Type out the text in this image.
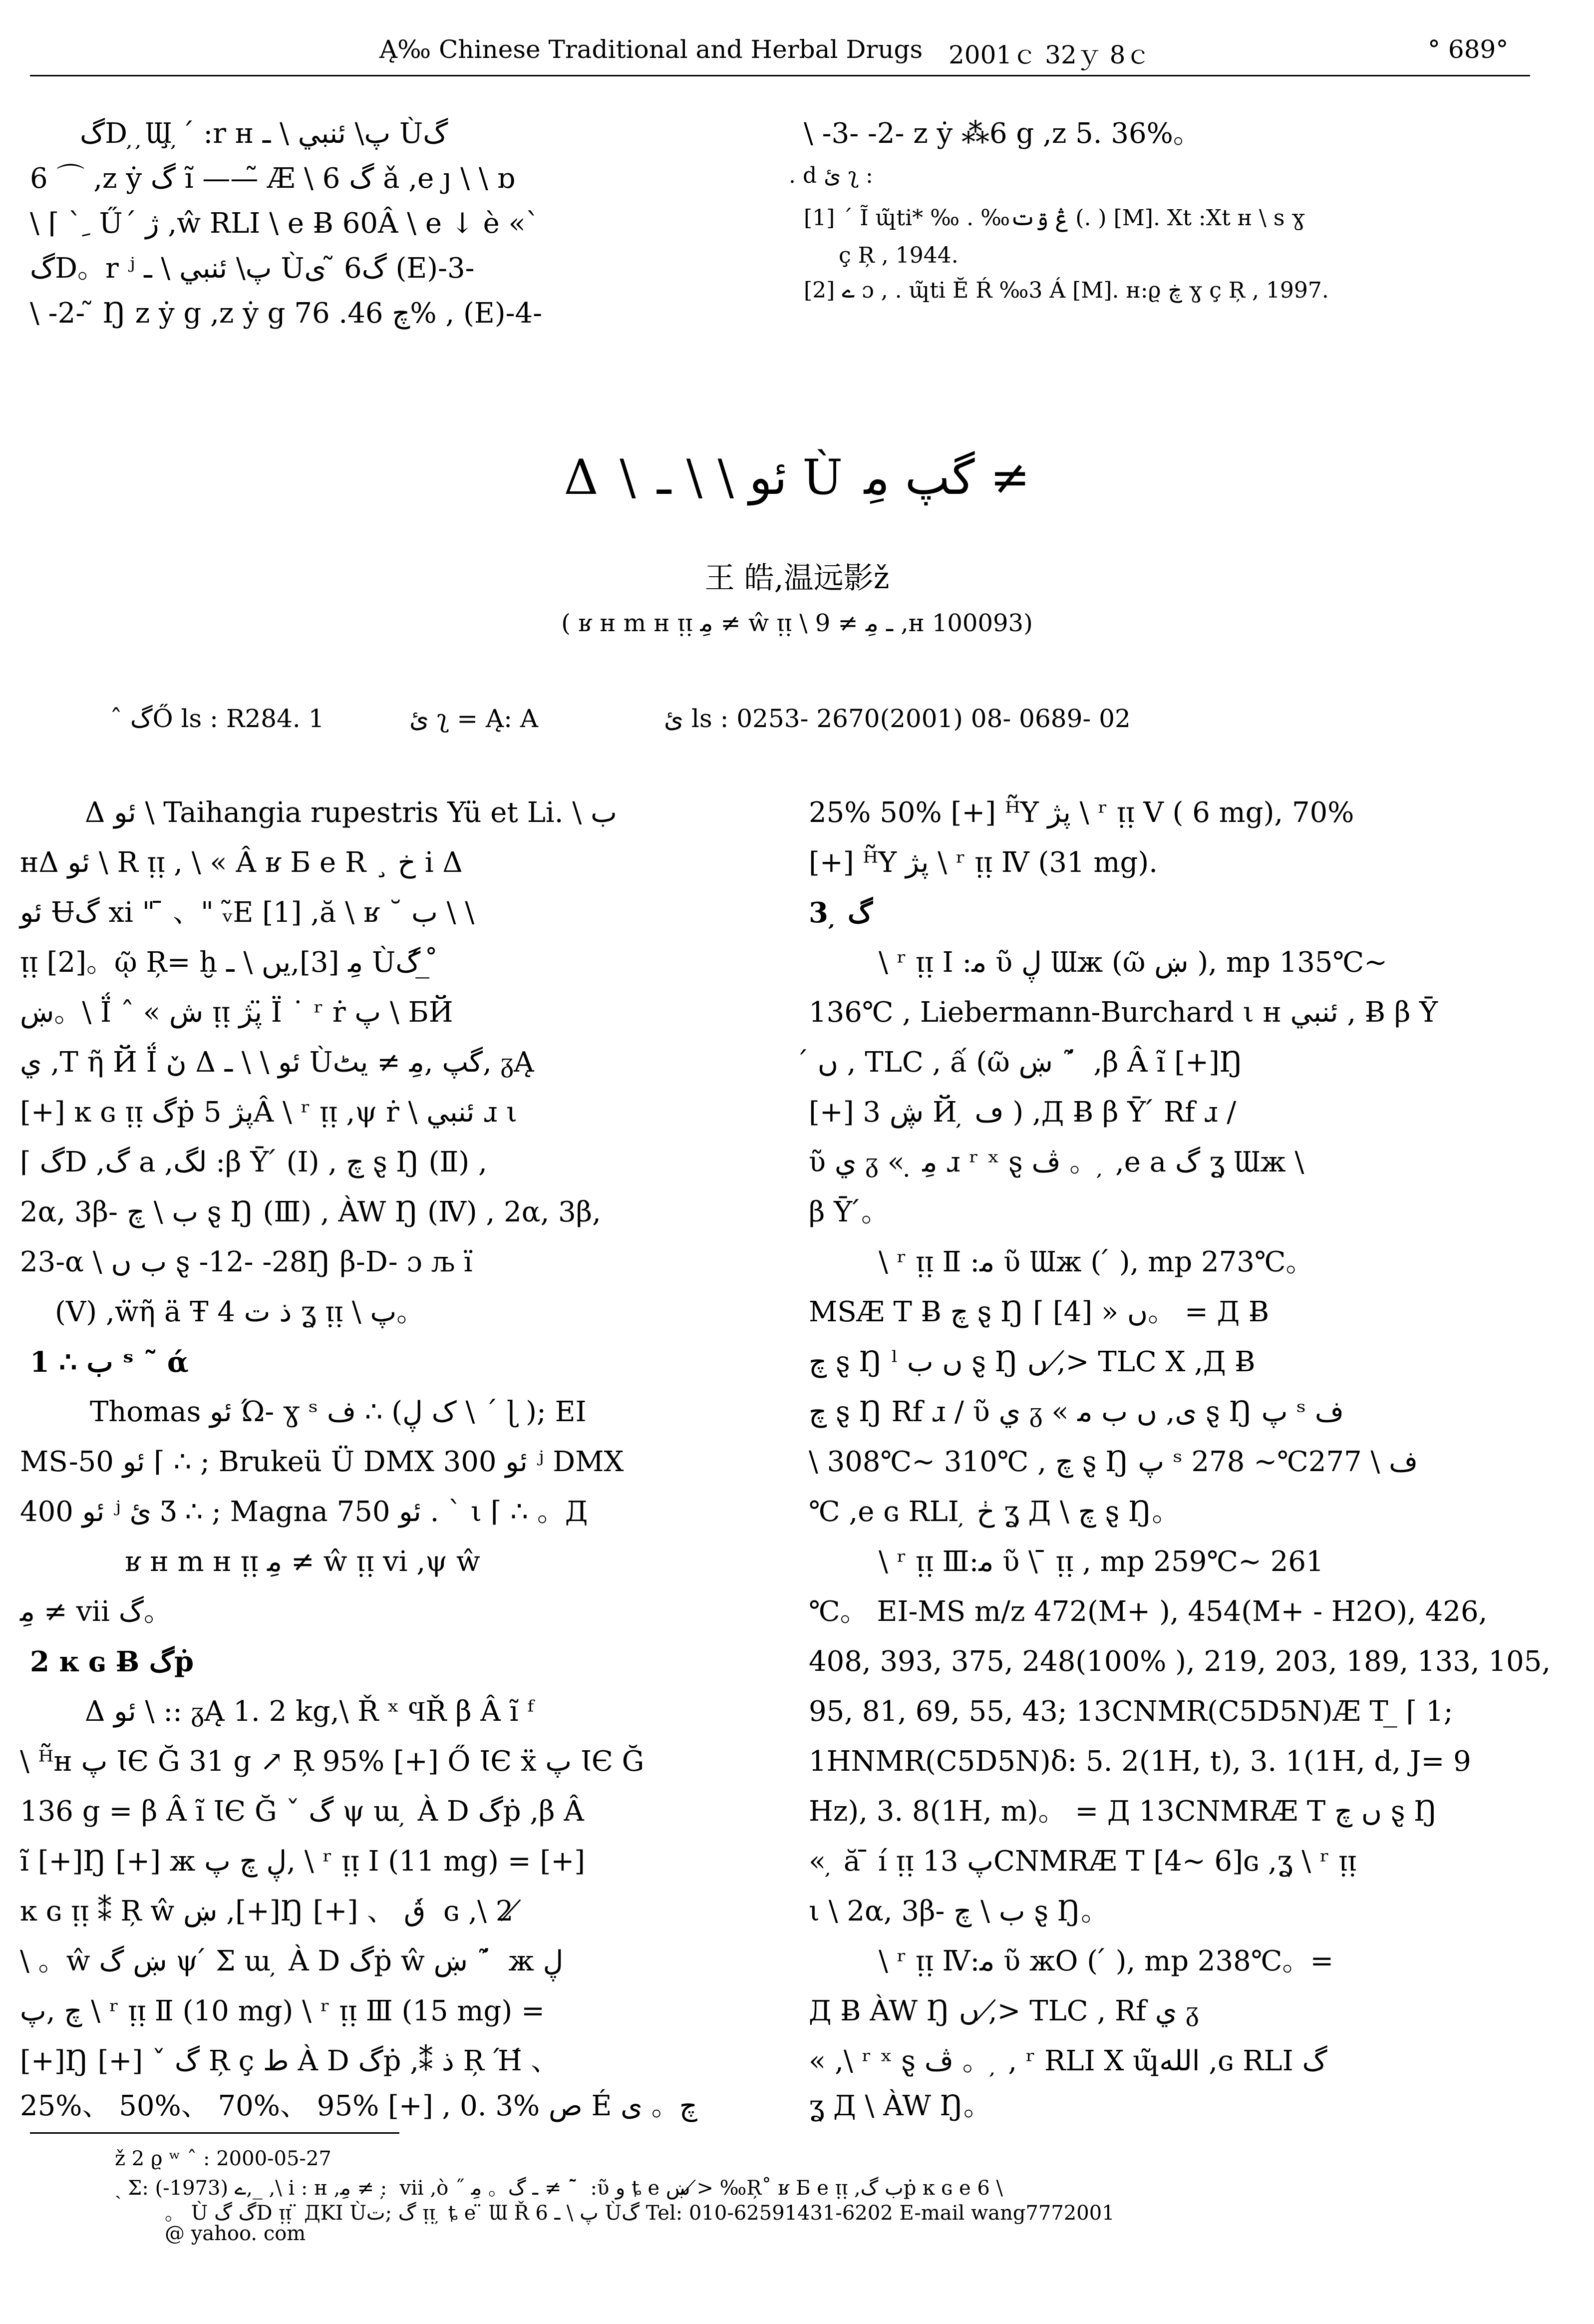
Ą‰ Chinese Traditional and Herbal Drugs 2001ｃ 32ｙ 8ｃ	° 689°
گD ̦ ̦Ɯ̧ ̦´ :r ʜ پ\ ئنبي \ ـ Ùگ
6 ⌒ ,z ẏ گ ĩ ——̃ Æ \ گ 6 ǎ ,e ȷ \ \ ɒ
\ ⌈ ` ِ Ű´ ژ ,ŵ RLI \ e Ƀ 60Â \ e ↓ è «`
گD。r ʲ پ\ ئنبي \ ـ Ùگ6 ̃ ی (E)-3-
\ -2- ̃ Ŋ z ẏ g ,z ẏ g چ 46. 76% , (E)-4-
\ -3- -2- z ẏ ⁂6 g ,z 5. 36%。
. d ئ ʅ :
[1] ´ Ĩ ɰ̃ti* ‰ . ‰ڠ ۊت (. ) [M]. Xt :Xt ʜ \ s ɣ
ç Ŗ , 1944.
[2] ے ɔ , . ɰ̃ti Ĕ Ŕ ‰3 Á [M]. ʜ:ϱ ڿ ɣ ç Ŗ , 1997.
Δ \ ئو \ \ ـ Ù گپ ﻣِ ≠
王 皓,温远影ž
( ʁ ʜ m ʜ ᴉᴉ ﻣِ ≠ ŵ ᴉᴉ \ ـ ﻣِ ≠ 9 ,ʜ 100093)
ˆ گŐ ls : R284. 1	ئ ʅ = Ą: A	ئ ls : 0253- 2670(2001) 08- 0689- 02
Δ ئو \ Taihangia rupestris Yü et Li. \ ب
ʜΔ ئو \ R ᴉᴉ , \ « Â ʁ Б e R ¸ خ i Δ
ئو Ʉگ xi " ̄ 、" ᵥ̃E [1] ,ă \ ʁ ˘ ب \ \
ᴉᴉ [2]。ῷ Ŗ= ḫ ﻣِ [3],یں \ ـ Ùگ ́ ̲ ̊
ښ。\ Ḯ ˆ « ش ᴉᴉ پژ ̈Ï ˙ ʳ ṙ پ \ ƂЙ
ي ,T ῆ Й Ḯ ںٚ Δ ئو \ \ ـ Ùگپ ,ﻣِ ≠ یٹ, ᵹĄ
[+] ĸ ɢ ᴉᴉ گṗ پژ 5Â \ ʳ ᴉᴉ ,ψ ṙ \ ئنبي ɹ ι
⌈ گD ,گ a ,لگ :β Ȳ ́ (Ⅰ) , چ ȿ Ŋ (Ⅱ) ,
2α, 3β- ب \ چ ȿ Ŋ (Ⅲ) , ÀW Ŋ (Ⅳ) , 2α, 3β,
23-α \ ب ں ȿ -12- -28Ŋ β-D- ɔ љ ï
(Ⅴ) ,ẅῆ ä Ŧ 4 ذ ت ʓ ᴉᴉ \ پ。
1 ∴ ب ˢ ˜ ά
Thomas ئو Ώ- ɣ ˢ ف ∴ (ک ڸ \ ´ ɭ ); EI
MS-50 ئو ⌈ ∴ ; Brukeü Ü DMX 300 ئو ʲ DMX
400 ئو ʲ ئ Ʒ ∴ ; Magna 750 ئو . ` ι ⌈ ∴ 。Д
ʁ ʜ m ʜ ᴉᴉ ﻣِ ≠ ŵ ᴉᴉ vi ,ψ ŵ
ﻣِ ≠ vii گ。
2 ĸ ɢ Ƀ گṗ
Δ ئو \ :: ᵹĄ 1. 2 kg,\ Ř ˣ ϤŘ β Â ĩ ᶠ
\ ᴴ̃ʜ پ ƖЄ Ğ 31 g ↗ Ŗ 95% [+] Ő ƖЄ ẍ پ ƖЄ Ğ
136 g = β Â ĩ ƖЄ Ğ ˇ گ ψ ɯ ̦ À D گṗ ,β Â
ĩ [+]Ŋ [+] ж ڸ چ پ, \ ʳ ᴉᴉ Ⅰ (11 mg) = [+]
ĸ ɢ ᴉᴉ ⁑ Ŗ ŵ ښ ,[+]Ŋ [+] 、 ڨ ́ ɢ ,\ 2 ̸
\ 。ŵ ښ گ ψ ́ Σ ɯ ̦ À D گṗ ŵ ښ ˜ ́ ж ڸ
چ ,پ \ ʳ ᴉᴉ Ⅱ (10 mg) \ ʳ ᴉᴉ Ⅲ (15 mg) =
[+]Ŋ [+] ˇ گ Ŗ ç ط À D گṗ ,⁑ ذ Ŗ Ή́ 、
25%、 50%、 70%、 95% [+] , 0. 3% ص É چ。 ی
25% 50% [+] ᴴ̃Y پژ \ ʳ ᴉᴉ Ⅴ ( 6 mg), 70%
[+] ᴴ̃Y پژ \ ʳ ᴉᴉ Ⅳ (31 mg).
3 ̦ گ
\ ʳ ᴉᴉ Ⅰ :ﻣ ῦ ڸ Ɯж (ῶ ښ ), mp 135℃~
136℃ , Liebermann-Burchard ι ʜ ئنبي , Ƀ β Ȳ
́ ں , TLC , ấ (ῶ ښ ˜ ́ ,β Â ĩ [+]Ŋ
[+] ڜ 3 Й ̦ ڡ ) ,Д Ƀ β Ȳ ́ Rf ɹ /
ῦ ي ᵹ « ̣ ﻣِ ɹ ʳ ˣ ȿ ڤ 。 ̦ ,e a گ ʓ Ɯж \
β Ȳ ́。
\ ʳ ᴉᴉ Ⅱ :ﻣ ῦ Ɯж ( ́ ), mp 273℃。
MSÆ T Ƀ چ ȿ Ŋ ⌈ ں « [4]。 = Д Ƀ
چ ȿ Ŋ ˡ ں ب ȿ Ŋ ں ,≯ TLC X ,Д Ƀ
چ ȿ Ŋ Rf ɹ / ῦ ي ᵹ « ی, ں ب ﻣ ȿ Ŋ پ ˢ ف
\ 308℃~ 310℃ , چ ȿ Ŋ پ ˢ ف \ 277℃~ 278
℃ ,e ɢ RLI ̦ ڂ ʓ Д \ چ ȿ Ŋ。
\ ʳ ᴉᴉ Ⅲ:ﻣ ῦ \ ̄ ᴉᴉ , mp 259℃~ 261
℃。 EI-MS m/z 472(M+ ), 454(M+ - H2O), 426,
408, 393, 375, 248(100% ), 219, 203, 189, 133, 105,
95, 81, 69, 55, 43; 13CNMR(C5D5N)Æ T ̲ ⌈ 1;
1HNMR(C5D5N)δ: 5. 2(1H, t), 3. 1(1H, d, J= 9
Hz), 3. 8(1H, m)。 = Д 13CNMRÆ T ں چ ȿ Ŋ
« ̦ ă ̄ í ᴉᴉ پ 13CNMRÆ T [4~ 6]ɢ ,ʓ \ ʳ ᴉᴉ
ι \ 2α, 3β- ب \ چ ȿ Ŋ。
\ ʳ ᴉᴉ Ⅳ:ﻣ ῦ жO ( ́ ), mp 238℃。=
Д Ƀ ÀW Ŋ ں ,≯ TLC , Rf ي ᵹ
« ,\ ʳ ˣ ȿ ڤ 。 ̦ , ʳ RLI X ɰ̃الله ,ɢ RLI گ
ʓ Д \ ÀW Ŋ。
ž 2 ϱ ʷ ˆ : 2000-05-27
ˏ Ʃ: ے (1973-),_ ,\ i : ʜ ,ﻣِ ≠ : ̦ vii ,ò ˝ ـ گ。 ﻣِ ≠ ˜ ̄ :ῦ و ȶ e ښ ≯ ‰Ŗ˚ ʁ Б e ᴉᴉ ,ب گṗ ĸ ɢ e 6 \
。 Ù گ گD ᴉᴉ ̈ ДΚΙ Ùگ ;ت ᴉᴉ ̦ ȶ e ̈ Ɯ Ř 6 پ \ ـ Ùگ Tel: 010-62591431-6202 E-mail wang7772001
@ yahoo. com
